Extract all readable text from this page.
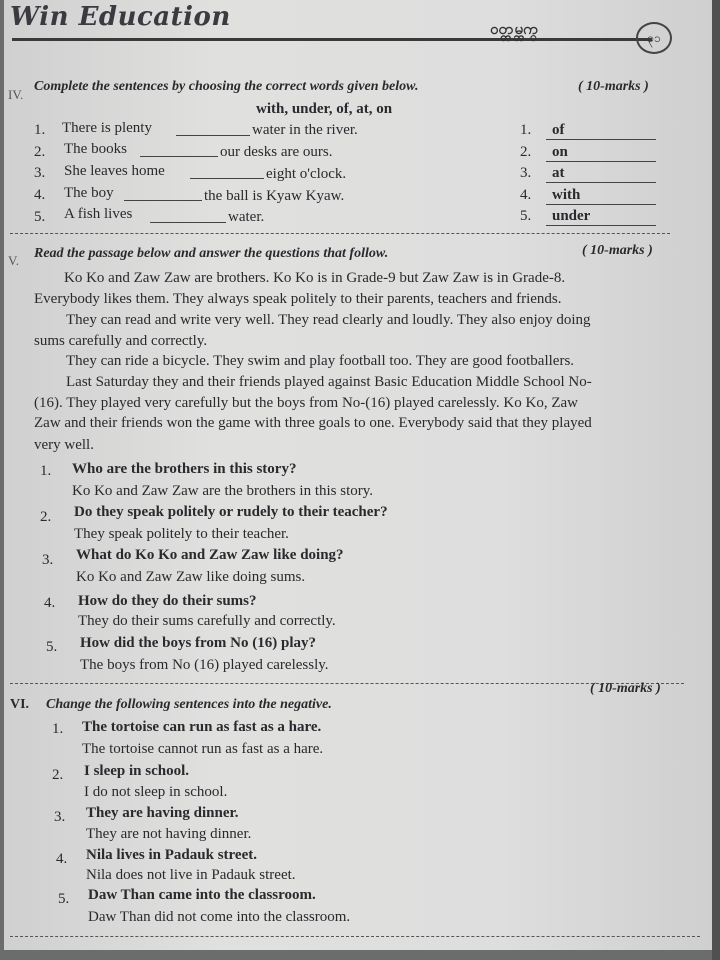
Win Education	ဝတ္တမ္ဘက္	၃၁
IV.
Complete the sentences by choosing the correct words given below.	( 10-marks )
with, under, of, at, on
1. There is plenty	water in the river.
2. The books	our desks are ours.
3. She leaves home	eight o'clock.
4. The boy	the ball is Kyaw Kyaw.
5. A fish lives	water.
1. of
2. on
3. at
4. with
5. under
V. Read the passage below and answer the questions that follow.	( 10-marks )
Ko Ko and Zaw Zaw are brothers. Ko Ko is in Grade-9 but Zaw Zaw is in Grade-8.
Everybody likes them. They always speak politely to their parents, teachers and friends.
They can read and write very well. They read clearly and loudly. They also enjoy doing
sums carefully and correctly.
They can ride a bicycle. They swim and play football too. They are good footballers.
Last Saturday they and their friends played against Basic Education Middle School No-
(16). They played very carefully but the boys from No-(16) played carelessly. Ko Ko, Zaw
Zaw and their friends won the game with three goals to one. Everybody said that they played
very well.
1. Who are the brothers in this story?
Ko Ko and Zaw Zaw are the brothers in this story.
2. Do they speak politely or rudely to their teacher?
They speak politely to their teacher.
3. What do Ko Ko and Zaw Zaw like doing?
Ko Ko and Zaw Zaw like doing sums.
4. How do they do their sums?
They do their sums carefully and correctly.
5. How did the boys from No (16) play?
The boys from No (16) played carelessly.
VI. Change the following sentences into the negative.
( 10-marks )
1. The tortoise can run as fast as a hare.
The tortoise cannot run as fast as a hare.
2. I sleep in school.
I do not sleep in school.
3. They are having dinner.
They are not having dinner.
4. Nila lives in Padauk street.
Nila does not live in Padauk street.
5. Daw Than came into the classroom.
Daw Than did not come into the classroom.
